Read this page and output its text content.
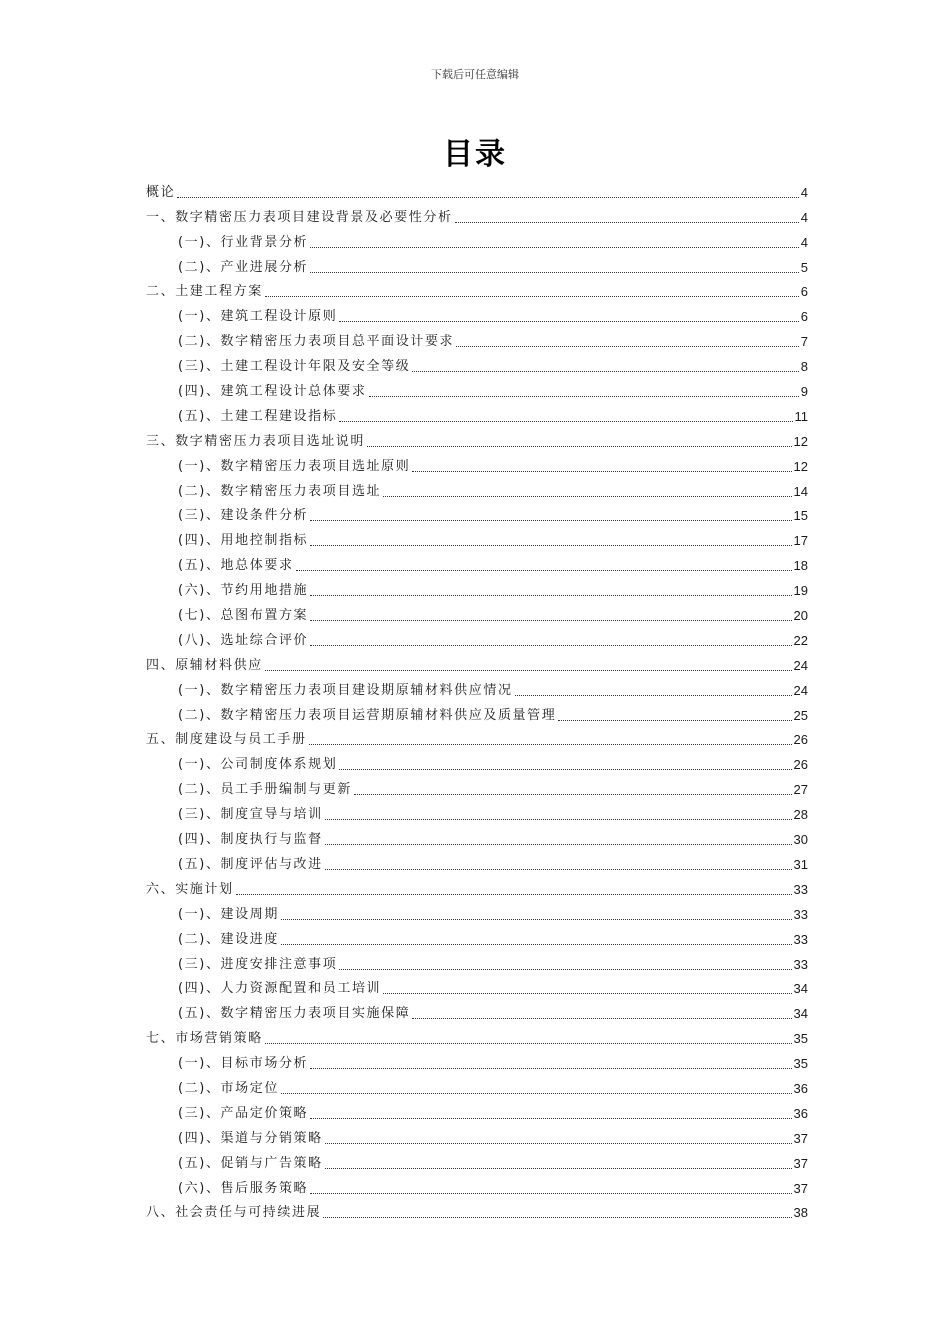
下载后可任意编辑
目录
概论	4
一、数字精密压力表项目建设背景及必要性分析	4
(一)、行业背景分析	4
(二)、产业进展分析	5
二、土建工程方案	6
(一)、建筑工程设计原则	6
(二)、数字精密压力表项目总平面设计要求	7
(三)、土建工程设计年限及安全等级	8
(四)、建筑工程设计总体要求	9
(五)、土建工程建设指标	11
三、数字精密压力表项目选址说明	12
(一)、数字精密压力表项目选址原则	12
(二)、数字精密压力表项目选址	14
(三)、建设条件分析	15
(四)、用地控制指标	17
(五)、地总体要求	18
(六)、节约用地措施	19
(七)、总图布置方案	20
(八)、选址综合评价	22
四、原辅材料供应	24
(一)、数字精密压力表项目建设期原辅材料供应情况	24
(二)、数字精密压力表项目运营期原辅材料供应及质量管理	25
五、制度建设与员工手册	26
(一)、公司制度体系规划	26
(二)、员工手册编制与更新	27
(三)、制度宣导与培训	28
(四)、制度执行与监督	30
(五)、制度评估与改进	31
六、实施计划	33
(一)、建设周期	33
(二)、建设进度	33
(三)、进度安排注意事项	33
(四)、人力资源配置和员工培训	34
(五)、数字精密压力表项目实施保障	34
七、市场营销策略	35
(一)、目标市场分析	35
(二)、市场定位	36
(三)、产品定价策略	36
(四)、渠道与分销策略	37
(五)、促销与广告策略	37
(六)、售后服务策略	37
八、社会责任与可持续进展	38
